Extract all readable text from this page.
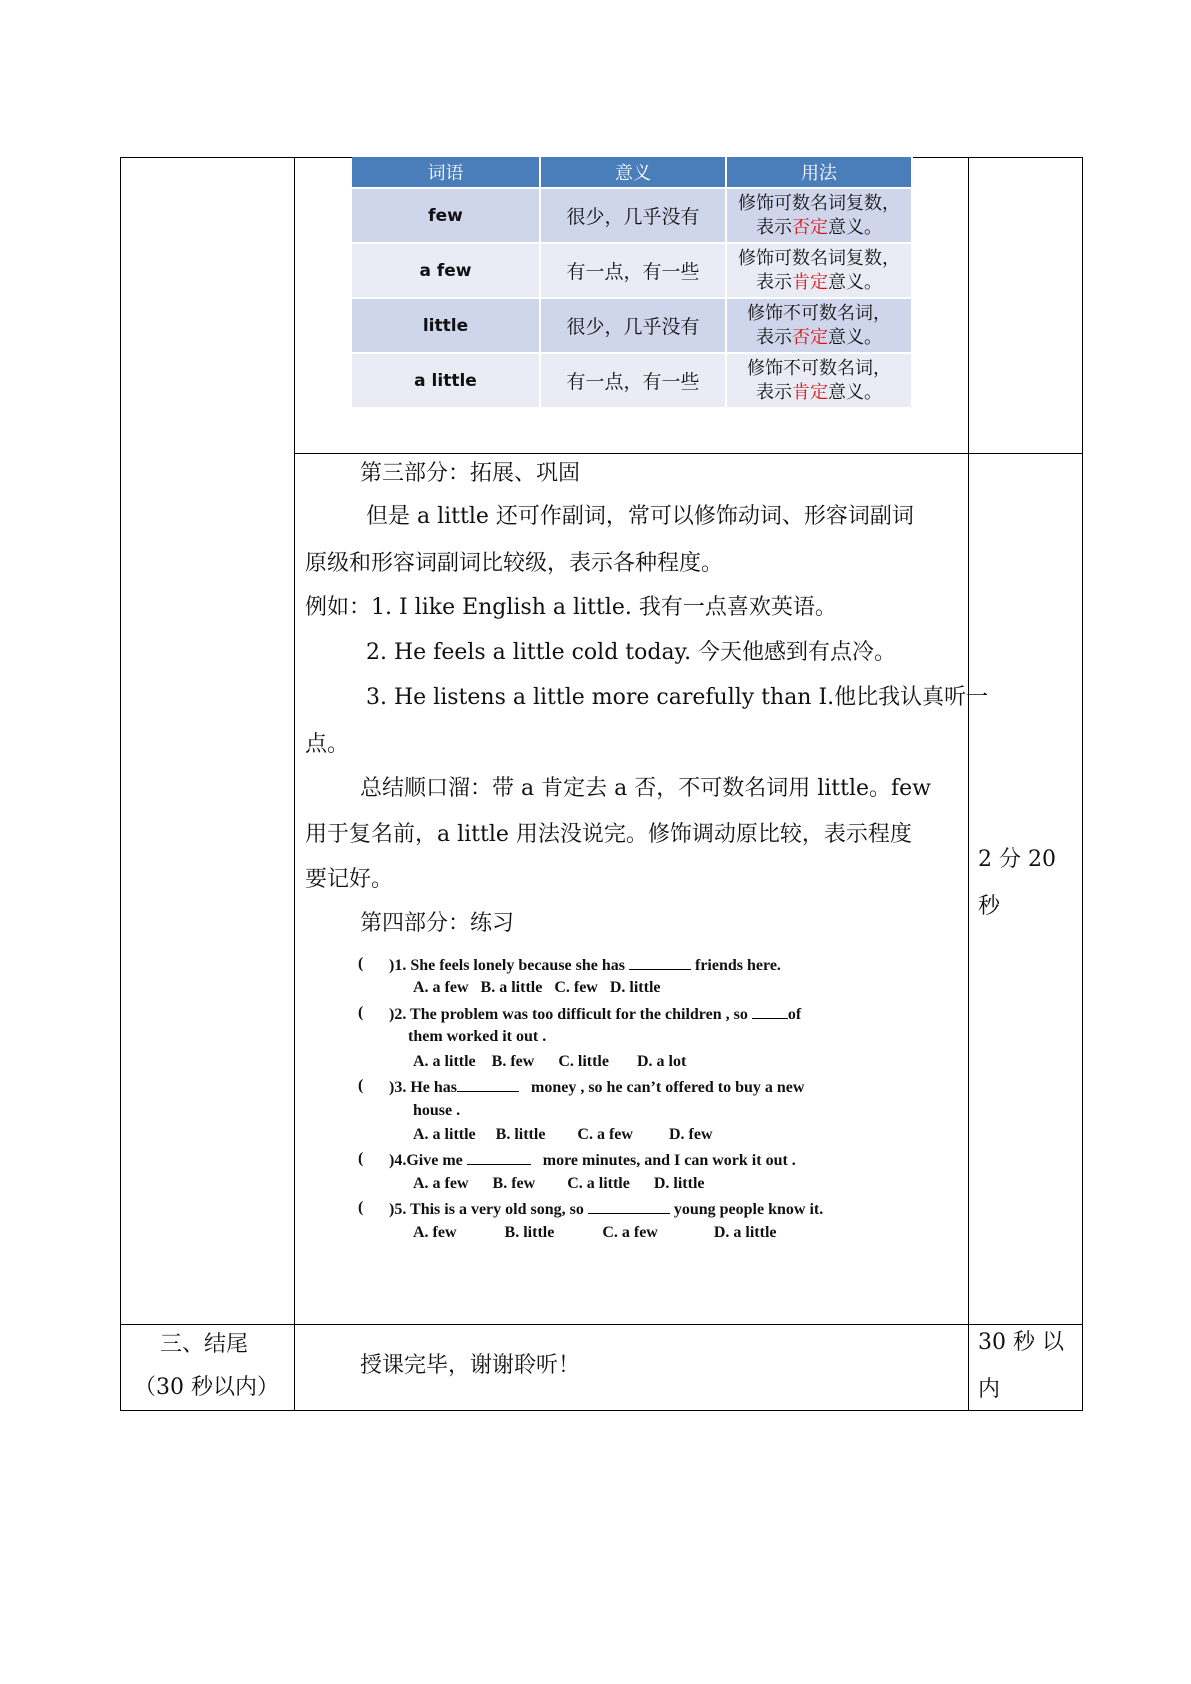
词语	意义	用法
few	很少，几乎没有	修饰可数名词复数，
表示否定意义。
a few	有一点，有一些	修饰可数名词复数，
表示肯定意义。
little	很少，几乎没有	修饰不可数名词，
表示否定意义。
a little	有一点，有一些	修饰不可数名词，
表示肯定意义。
第三部分：拓展、巩固
但是 a little 还可作副词，常可以修饰动词、形容词副词
原级和形容词副词比较级，表示各种程度。
例如：1. I like English a little. 我有一点喜欢英语。
2. He feels a little cold today. 今天他感到有点冷。
3. He listens a little more carefully than I.他比我认真听一
点。
总结顺口溜：带 a 肯定去 a 否，不可数名词用 little。few
用于复名前，a little 用法没说完。修饰调动原比较，表示程度
要记好。
第四部分：练习
( )1. She feels lonely because she has	friends here.
A. a few B. a little C. few D. little
( )2. The problem was too difficult for the children , so	of
them worked it out .
A. a little B. few C. little D. a lot
( )3. He has	money , so he can’t offered to buy a new
house .
A. a little B. little C. a few D. few
( )4.Give me	more minutes, and I can work it out .
A. a few B. few C. a little D. little
( )5. This is a very old song, so	young people know it.
A. few	B. little	C. a few	D. a little
2 分 20
秒
三、结尾
（30 秒以内）
授课完毕，谢谢聆听！
30 秒 以
内
